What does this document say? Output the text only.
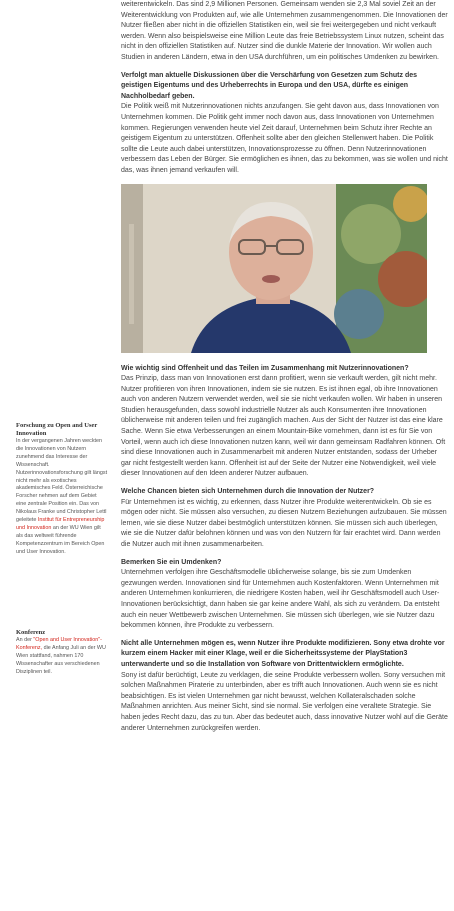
weiterentwickeln. Das sind 2,9 Millionen Personen. Gemeinsam wenden sie 2,3 Mal soviel Zeit an der Weiterentwicklung von Produkten auf, wie alle Unternehmen zusammengenommen. Die Innovationen der Nutzer fließen aber nicht in die offiziellen Statistiken ein, weil sie frei weitergegeben und nicht verkauft werden. Wenn also beispielsweise eine Million Leute das freie Betriebssystem Linux nutzen, scheint das nicht in den offiziellen Statistiken auf. Nutzer sind die dunkle Materie der Innovation. Wir wollen auch Studien in anderen Ländern, etwa in den USA durchführen, um ein politisches Umdenken zu bewirken.

Verfolgt man aktuelle Diskussionen über die Verschärfung von Gesetzen zum Schutz des geistigen Eigentums und des Urheberrechts in Europa und den USA, dürfte es einigen Nachholbedarf geben.

Die Politik weiß mit Nutzerinnovationen nichts anzufangen. Sie geht davon aus, dass Innovationen von Unternehmen kommen. Die Politik geht immer noch davon aus, dass Innovationen von Unternehmen kommen. Regierungen verwenden heute viel Zeit darauf, Unternehmen beim Schutz ihrer Rechte an geistigem Eigentum zu unterstützen. Offenheit sollte aber den gleichen Stellenwert haben. Die Politik sollte die Leute auch dabei unterstützen, Innovationsprozesse zu öffnen. Denn Nutzerinnovationen verbessern das Leben der Bürger. Sie ermöglichen es ihnen, das zu bekommen, was sie wollen und nicht das, was ihnen jemand verkaufen will.

Wie wichtig sind Offenheit und das Teilen im Zusammenhang mit Nutzerinnovationen?

Das Prinzip, dass man von Innovationen erst dann profitiert, wenn sie verkauft werden, gilt nicht mehr. Nutzer profitieren von ihren Innovationen, indem sie sie nutzen. Es ist ihnen egal, ob ihre Innovationen auch von anderen Nutzern verwendet werden, weil sie sie nicht verkaufen wollen. Wir haben in unseren Studien herausgefunden, dass sowohl industrielle Nutzer als auch Konsumenten ihre Innovationen üblicherweise mit anderen teilen und frei zugänglich machen. Aus der Sicht der Nutzer ist das eine klare Sache. Wenn Sie etwa Verbesserungen an einem Mountain-Bike vornehmen, dann ist es für Sie von Vorteil, wenn auch ich diese Innovationen nutzen kann, weil wir dann gemeinsam Radfahren können. Oft sind diese Innovationen auch in Zusammenarbeit mit anderen Nutzer entstanden, sodass der Urheber gar nicht festgestellt werden kann. Offenheit ist auf der Seite der Nutzer eine Notwendigkeit, weil viele dieser Innovationen auf den Ideen anderer Nutzer aufbauen.

Welche Chancen bieten sich Unternehmen durch die Innovation der Nutzer?

Für Unternehmen ist es wichtig, zu erkennen, dass Nutzer ihre Produkte weiterentwickeln. Ob sie es mögen oder nicht. Sie müssen also versuchen, zu diesen Nutzern Beziehungen aufzubauen. Sie müssen lernen, wie sie diese Nutzer dabei bestmöglich unterstützen können. Sie müssen sich auch überlegen, wie sie die Nutzer dafür belohnen können und was von den Nutzern für fair erachtet wird. Dann werden die Nutzer auch mit ihnen zusammenarbeiten.

Bemerken Sie ein Umdenken?

Unternehmen verfolgen ihre Geschäftsmodelle üblicherweise solange, bis sie zum Umdenken gezwungen werden. Innovationen sind für Unternehmen auch Kostenfaktoren. Wenn Unternehmen mit anderen Unternehmen konkurrieren, die niedrigere Kosten haben, weil ihr Geschäftsmodell auch User-Innovationen berücksichtigt, dann haben sie gar keine andere Wahl, als sich zu verändern. Da entsteht auch ein neuer Wettbewerb zwischen Unternehmen. Sie müssen sich überlegen, wie sie Nutzer dazu bekommen können, ihre Produkte zu verbessern.

Nicht alle Unternehmen mögen es, wenn Nutzer ihre Produkte modifizieren. Sony etwa drohte vor kurzem einem Hacker mit einer Klage, weil er die Sicherheitssysteme der PlayStation3 unterwanderte und so die Installation von Software von Drittentwicklern ermöglichte.

Sony ist dafür berüchtigt, Leute zu verklagen, die seine Produkte verbessern wollen. Sony versuchen mit solchen Maßnahmen Piraterie zu unterbinden, aber es trifft auch Innovationen. Auch wenn sie es nicht beabsichtigen. Es ist vielen Unternehmen gar nicht bewusst, welchen Kollateralschaden solche Maßnahmen anrichten. Aus meiner Sicht, sind sie normal. Sie verfolgen eine veraltete Strategie. Sie haben jedes Recht dazu, das zu tun. Aber das bedeutet auch, dass innovative Nutzer wohl auf die Geräte anderer Unternehmen zurückgreifen werden.

Forschung zu Open and User Innovation
In der vergangenen Jahren weckten die Innovationen von Nutzern zunehmend das Interesse der Wissenschaft. Nutzerinnovationsforschung gilt längst nicht mehr als exotisches akademisches Feld. Österreichische Forscher nehmen auf dem Gebiet eine zentrale Position ein. Das von Nikolaus Franke und Christopher Lettl geleitete Institut für Entrepreneurship und Innovation an der WU Wien gilt als das weltweit führende Kompetenzzentrum im Bereich Open und User Innovation.
Konferenz
An der "Open and User Innovation"-Konferenz, die Anfang Juli an der WU Wien stattfand, nahmen 170 Wissenschafter aus verschiedenen Disziplinen teil.
